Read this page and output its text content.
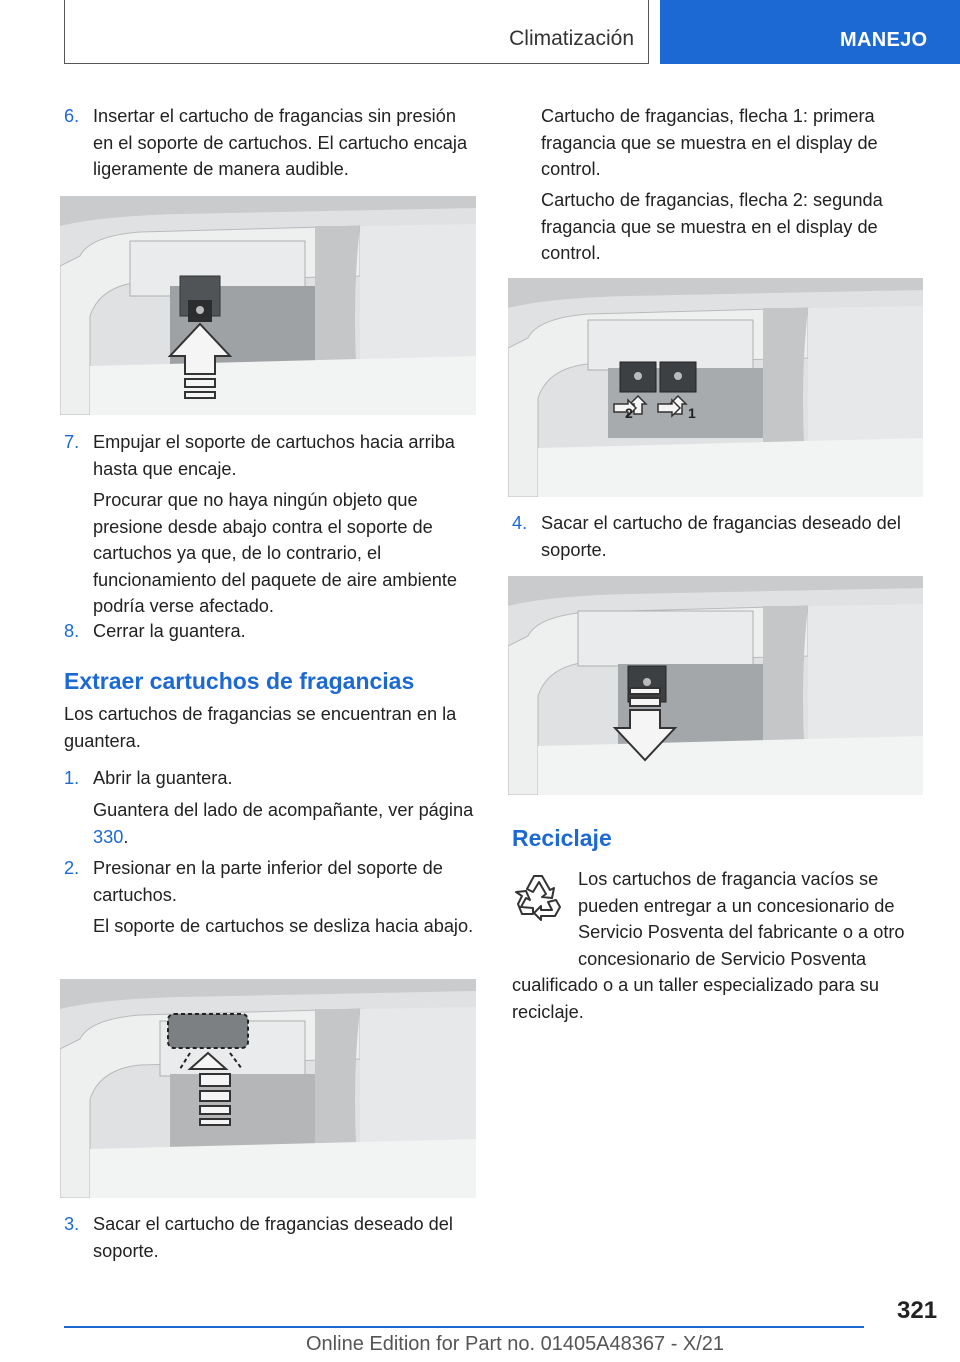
Climatización	MANEJO
6. Insertar el cartucho de fragancias sin presión en el soporte de cartuchos. El cartucho encaja ligeramente de manera audible.
7. Empujar el soporte de cartuchos hacia arriba hasta que encaje.
Procurar que no haya ningún objeto que presione desde abajo contra el soporte de cartuchos ya que, de lo contrario, el funcionamiento del paquete de aire ambiente podría verse afectado.
8. Cerrar la guantera.
Extraer cartuchos de fragancias
Los cartuchos de fragancias se encuentran en la guantera.
1. Abrir la guantera.
Guantera del lado de acompañante, ver página 330.
2. Presionar en la parte inferior del soporte de cartuchos.
El soporte de cartuchos se desliza hacia abajo.
3. Sacar el cartucho de fragancias deseado del soporte.
Cartucho de fragancias, flecha 1: primera fragancia que se muestra en el display de control.
Cartucho de fragancias, flecha 2: segunda fragancia que se muestra en el display de control.
2	1
4. Sacar el cartucho de fragancias deseado del soporte.
Reciclaje
Los cartuchos de fragancia vacíos se pueden entregar a un concesionario de Servicio Posventa del fabricante o a otro concesionario de Servicio Posventa cualificado o a un taller especializado para su reciclaje.
321
Online Edition for Part no. 01405A48367 - X/21
